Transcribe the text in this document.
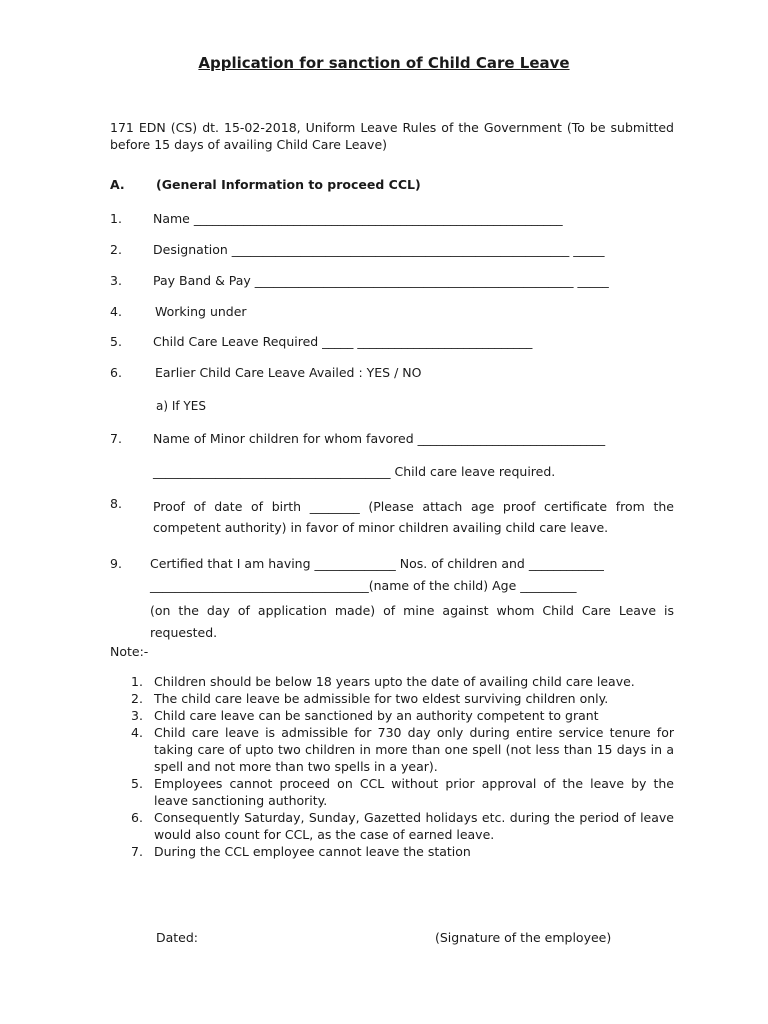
Application for sanction of Child Care Leave
171 EDN (CS) dt. 15-02-2018, Uniform Leave Rules of the Government (To be submitted before 15 days of availing Child Care Leave)
A.	(General Information to proceed CCL)
1. Name ___________________________________________________________
2. Designation ______________________________________________________ _____
3. Pay Band & Pay ___________________________________________________ _____
4.	Working under
5. Child Care Leave Required _____ ____________________________
6.	Earlier Child Care Leave Availed : YES / NO
a) If YES
7. Name of Minor children for whom favored ______________________________
______________________________________ Child care leave required.
8. Proof of date of birth ________ (Please attach age proof certificate from the competent authority) in favor of minor children availing child care leave.
9. Certified that I am having _____________ Nos. of children and ____________
___________________________________(name of the child) Age _________
(on the day of application made) of mine against whom Child Care Leave is requested.
Note:-
1. Children should be below 18 years upto the date of availing child care leave.
2. The child care leave be admissible for two eldest surviving children only.
3. Child care leave can be sanctioned by an authority competent to grant
4. Child care leave is admissible for 730 day only during entire service tenure for taking care of upto two children in more than one spell (not less than 15 days in a spell and not more than two spells in a year).
5. Employees cannot proceed on CCL without prior approval of the leave by the leave sanctioning authority.
6. Consequently Saturday, Sunday, Gazetted holidays etc. during the period of leave would also count for CCL, as the case of earned leave.
7. During the CCL employee cannot leave the station
Dated:	(Signature of the employee)
